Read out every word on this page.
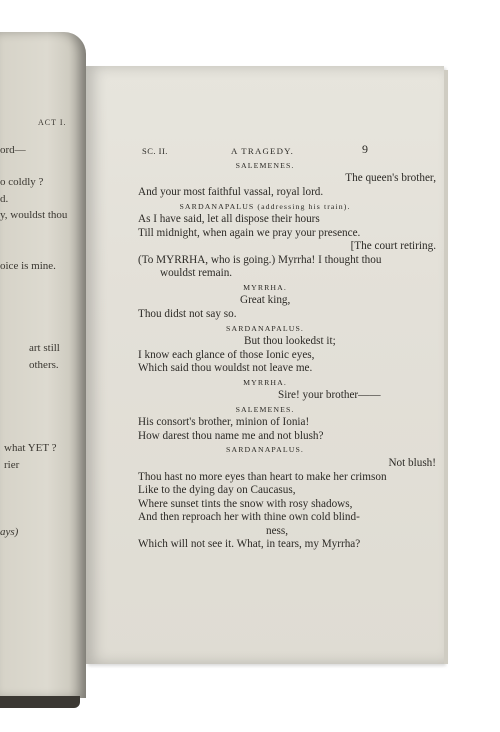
ACT I.
ord—
o coldly ?
d.
y, wouldst thou
oice is mine.
art still
others.
what YET ?
rier
ays)
SC. II.	A TRAGEDY.	9
SALEMENES.
The queen's brother,
And your most faithful vassal, royal lord.
SARDANAPALUS (addressing his train).
As I have said, let all dispose their hours
Till midnight, when again we pray your presence.
[The court retiring.
(To MYRRHA, who is going.) Myrrha! I thought thou
wouldst remain.
MYRRHA.
Great king,
Thou didst not say so.
SARDANAPALUS.
But thou lookedst it;
I know each glance of those Ionic eyes,
Which said thou wouldst not leave me.
MYRRHA.
Sire! your brother——
SALEMENES.
His consort's brother, minion of Ionia!
How darest thou name me and not blush?
SARDANAPALUS.
Not blush!
Thou hast no more eyes than heart to make her crimson
Like to the dying day on Caucasus,
Where sunset tints the snow with rosy shadows,
And then reproach her with thine own cold blind-
ness,
Which will not see it. What, in tears, my Myrrha?
